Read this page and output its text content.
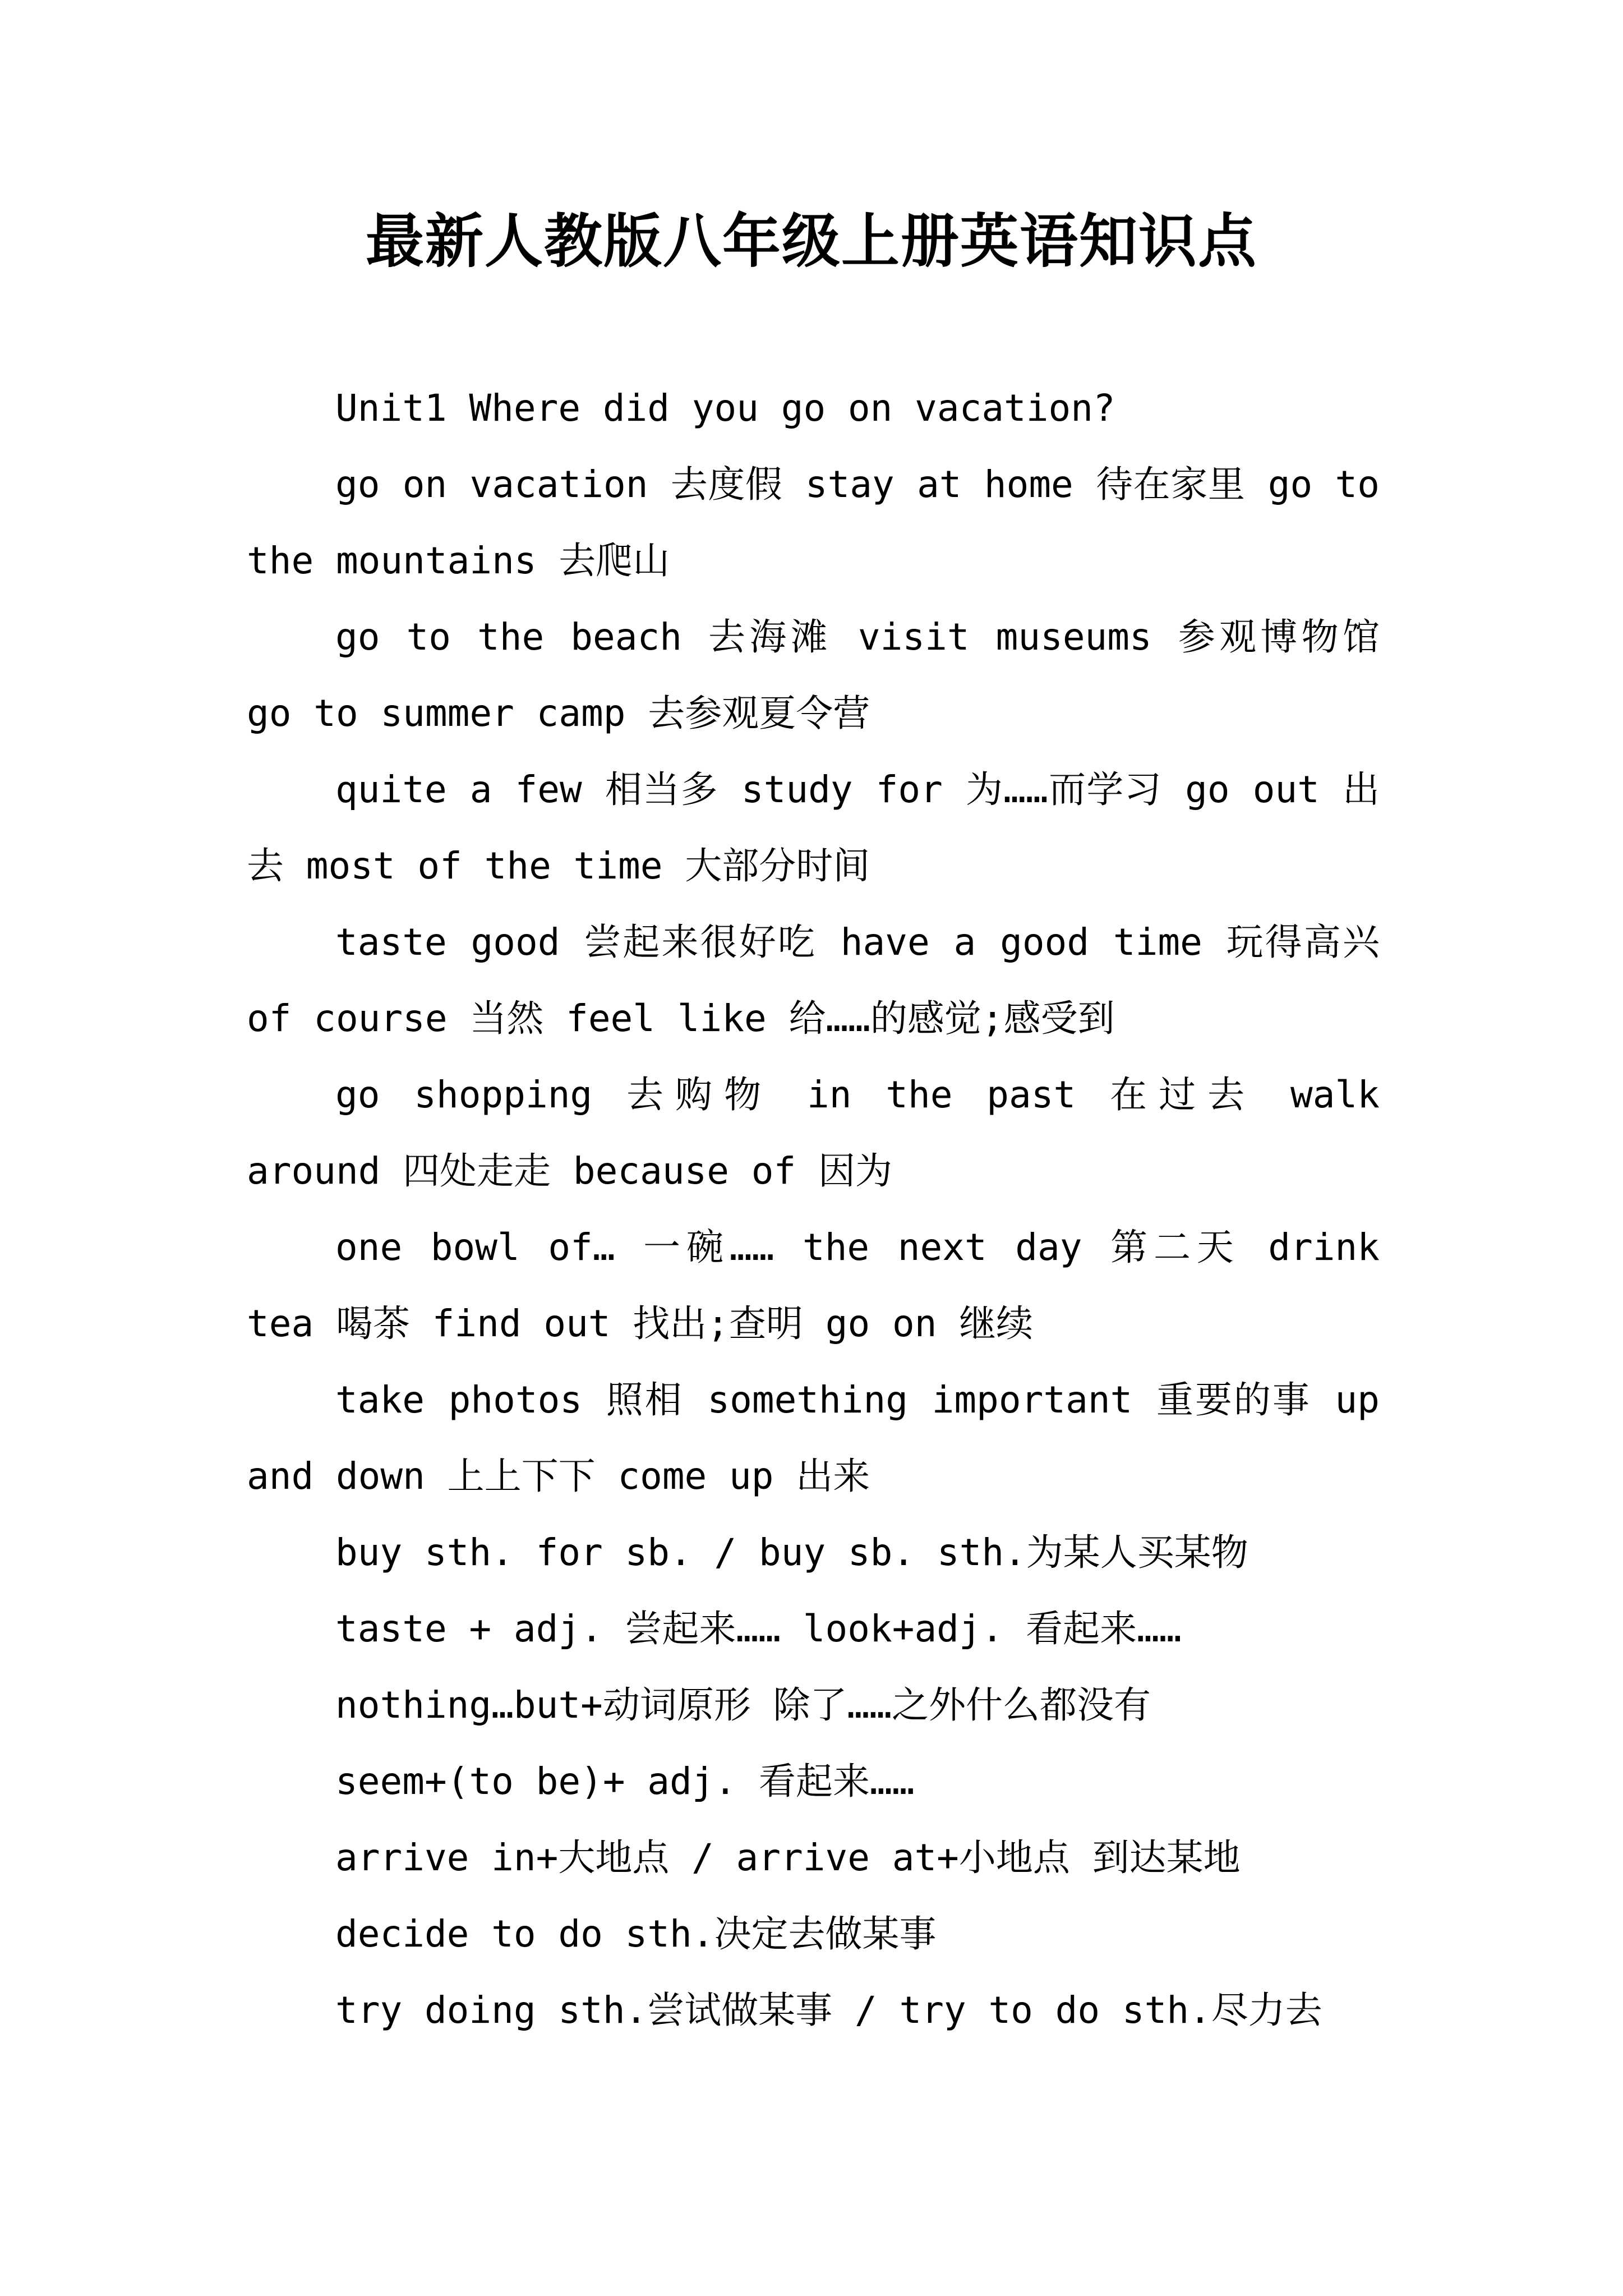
最新人教版八年级上册英语知识点

Unit1 Where did you go on vacation?

go on vacation 去度假 stay at home 待在家里 go to the mountains 去爬山

go to the beach 去海滩 visit museums 参观博物馆 go to summer camp 去参观夏令营

quite a few 相当多 study for 为……而学习 go out 出去 most of the time 大部分时间

taste good 尝起来很好吃 have a good time 玩得高兴 of course 当然 feel like 给……的感觉;感受到

go shopping 去购物 in the past 在过去 walk around 四处走走 because of 因为

one bowl of… 一碗…… the next day 第二天 drink tea 喝茶 find out 找出;查明 go on 继续

take photos 照相 something important 重要的事 up and down 上上下下 come up 出来

buy sth. for sb. / buy sb. sth.为某人买某物

taste + adj. 尝起来…… look+adj. 看起来……

nothing…but+动词原形 除了……之外什么都没有

seem+(to be)+ adj. 看起来……

arrive in+大地点 / arrive at+小地点 到达某地

decide to do sth.决定去做某事

try doing sth.尝试做某事 / try to do sth.尽力去
